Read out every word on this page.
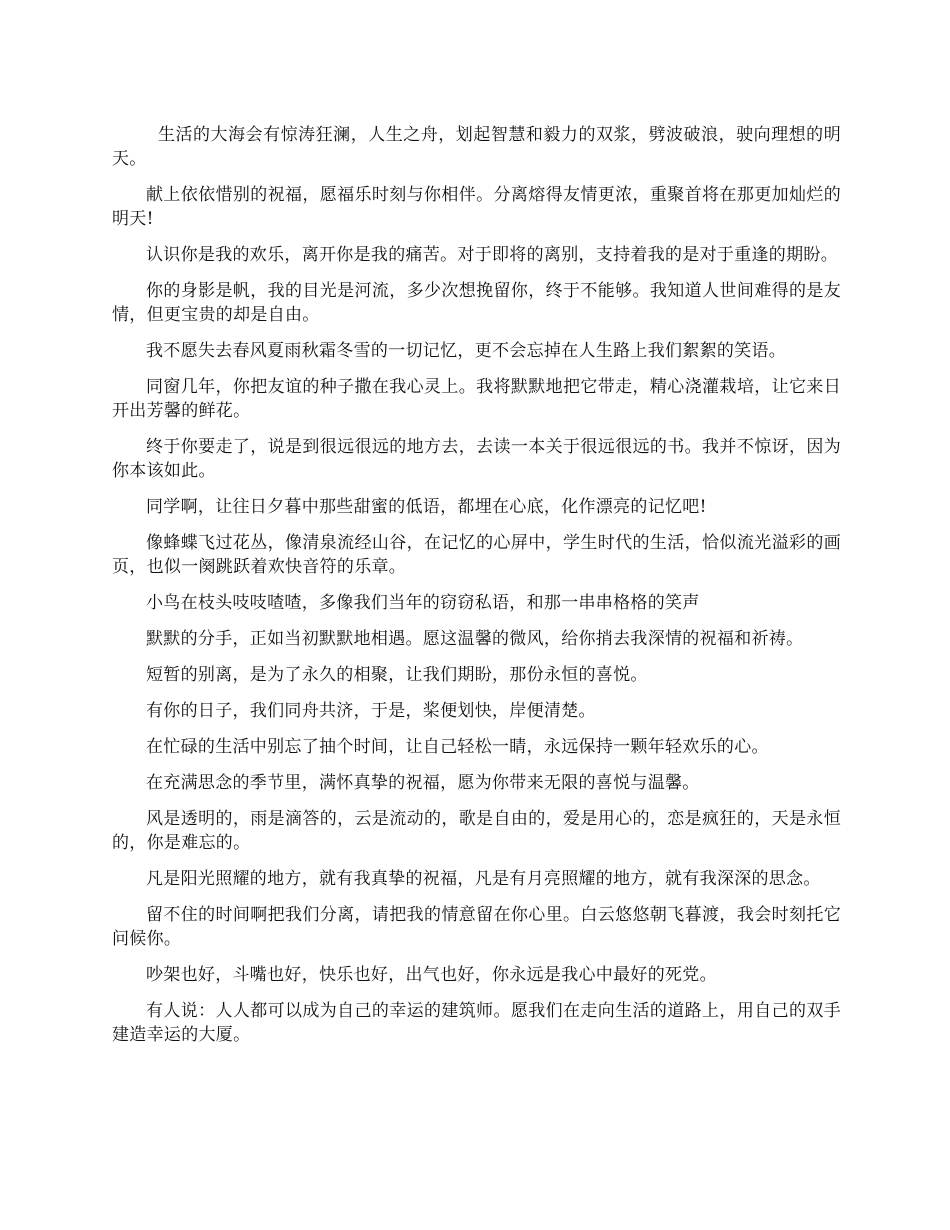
生活的大海会有惊涛狂澜，人生之舟，划起智慧和毅力的双浆，劈波破浪，驶向理想的明天。

献上依依惜别的祝福，愿福乐时刻与你相伴。分离熔得友情更浓，重聚首将在那更加灿烂的明天!

认识你是我的欢乐，离开你是我的痛苦。对于即将的离别，支持着我的是对于重逢的期盼。

你的身影是帆，我的目光是河流，多少次想挽留你，终于不能够。我知道人世间难得的是友情，但更宝贵的却是自由。

我不愿失去春风夏雨秋霜冬雪的一切记忆，更不会忘掉在人生路上我们絮絮的笑语。

同窗几年，你把友谊的种子撒在我心灵上。我将默默地把它带走，精心浇灌栽培，让它来日开出芳馨的鲜花。

终于你要走了，说是到很远很远的地方去，去读一本关于很远很远的书。我并不惊讶，因为你本该如此。

同学啊，让往日夕暮中那些甜蜜的低语，都埋在心底，化作漂亮的记忆吧!

像蜂蝶飞过花丛，像清泉流经山谷，在记忆的心屏中，学生时代的生活，恰似流光溢彩的画页，也似一阕跳跃着欢快音符的乐章。

小鸟在枝头吱吱喳喳，多像我们当年的窃窃私语，和那一串串格格的笑声

默默的分手，正如当初默默地相遇。愿这温馨的微风，给你捎去我深情的祝福和祈祷。

短暂的别离，是为了永久的相聚，让我们期盼，那份永恒的喜悦。

有你的日子，我们同舟共济，于是，桨便划快，岸便清楚。

在忙碌的生活中别忘了抽个时间，让自己轻松一睛，永远保持一颗年轻欢乐的心。

在充满思念的季节里，满怀真挚的祝福，愿为你带来无限的喜悦与温馨。

风是透明的，雨是滴答的，云是流动的，歌是自由的，爱是用心的，恋是疯狂的，天是永恒的，你是难忘的。

凡是阳光照耀的地方，就有我真挚的祝福，凡是有月亮照耀的地方，就有我深深的思念。

留不住的时间啊把我们分离，请把我的情意留在你心里。白云悠悠朝飞暮渡，我会时刻托它问候你。

吵架也好，斗嘴也好，快乐也好，出气也好，你永远是我心中最好的死党。

有人说：人人都可以成为自己的幸运的建筑师。愿我们在走向生活的道路上，用自己的双手建造幸运的大厦。
